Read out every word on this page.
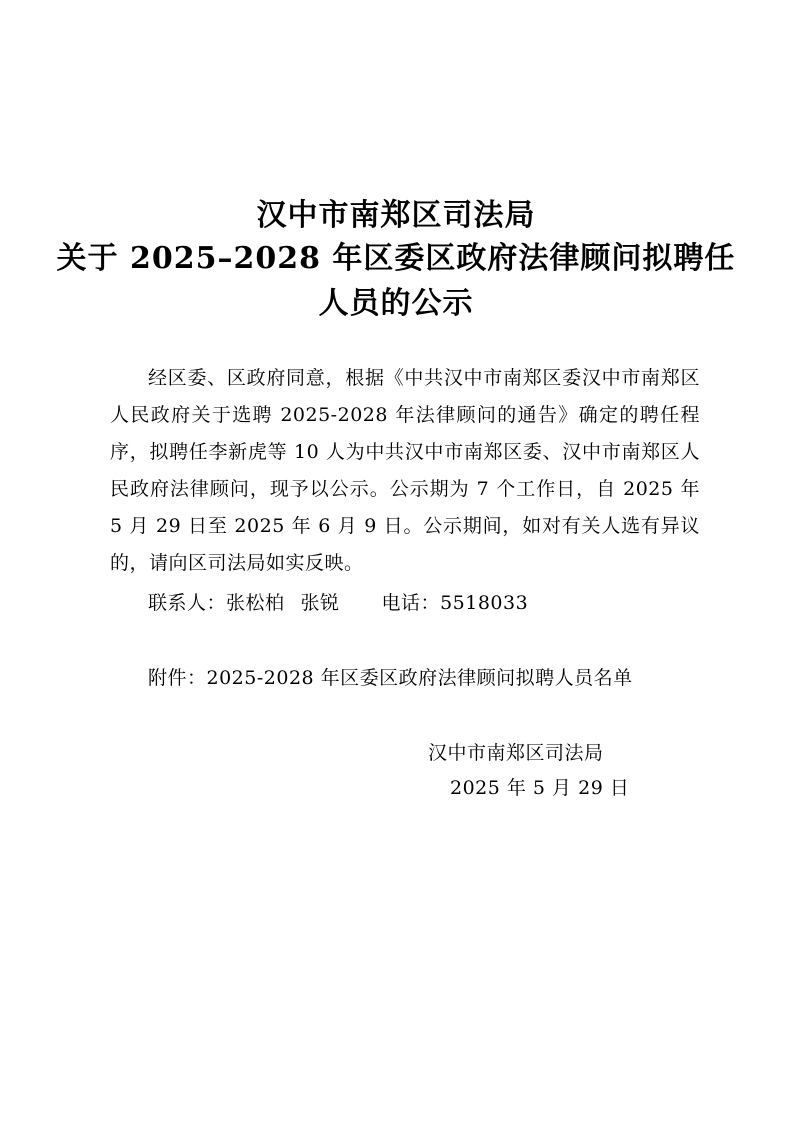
汉中市南郑区司法局
关于 2025–2028 年区委区政府法律顾问拟聘任
人员的公示

经区委、区政府同意，根据《中共汉中市南郑区委汉中市南郑区人民政府关于选聘 2025-2028 年法律顾问的通告》确定的聘任程序，拟聘任李新虎等 10 人为中共汉中市南郑区委、汉中市南郑区人民政府法律顾问，现予以公示。公示期为 7 个工作日，自 2025 年 5 月 29 日至 2025 年 6 月 9 日。公示期间，如对有关人选有异议的，请向区司法局如实反映。

联系人：张松柏 张锐 电话：5518033
附件：2025-2028 年区委区政府法律顾问拟聘人员名单
汉中市南郑区司法局
2025 年 5 月 29 日
